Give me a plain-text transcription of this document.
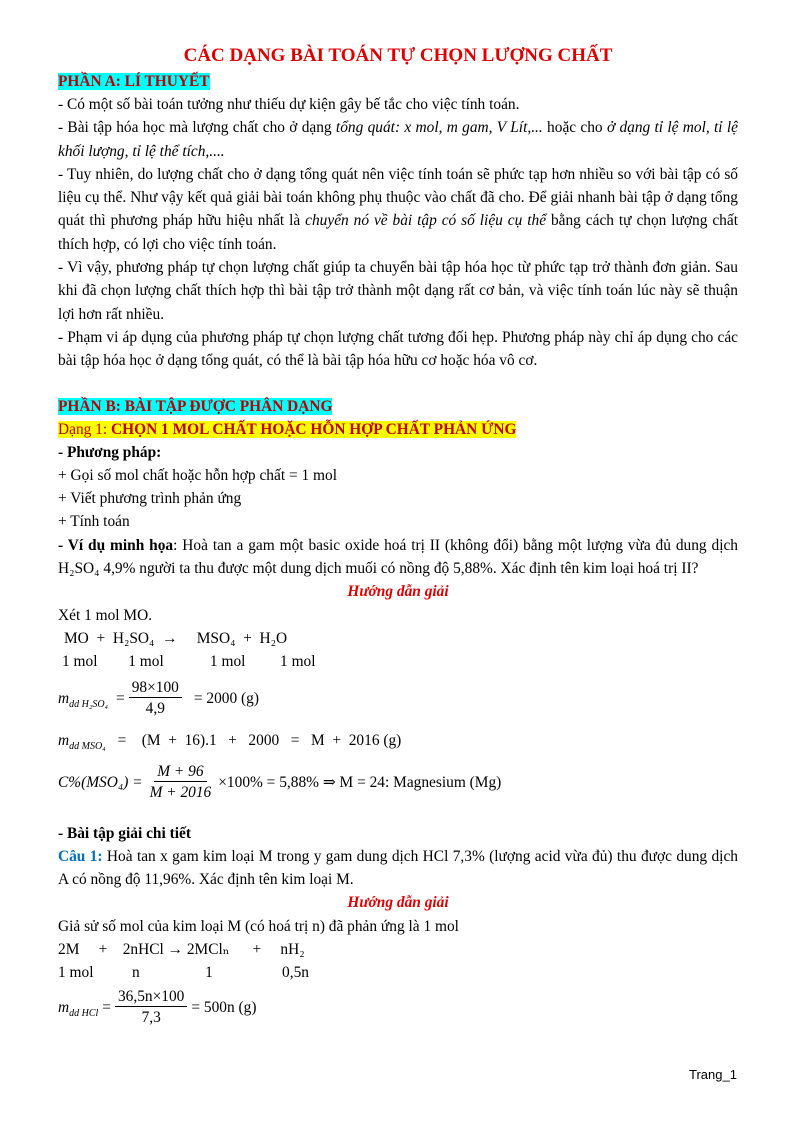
CÁC DẠNG BÀI TOÁN TỰ CHỌN LƯỢNG CHẤT

PHẦN A: LÍ THUYẾT

- Có một số bài toán tưởng như thiếu dự kiện gây bế tắc cho việc tính toán.

- Bài tập hóa học mà lượng chất cho ở dạng tổng quát: x mol, m gam, V Lít,... hoặc cho ở dạng tỉ lệ mol, tỉ lệ khối lượng, tỉ lệ thể tích,....

- Tuy nhiên, do lượng chất cho ở dạng tổng quát nên việc tính toán sẽ phức tạp hơn nhiều so với bài tập có số liệu cụ thể. Như vậy kết quả giải bài toán không phụ thuộc vào chất đã cho. Để giải nhanh bài tập ở dạng tổng quát thì phương pháp hữu hiệu nhất là chuyển nó về bài tập có số liệu cụ thể bằng cách tự chọn lượng chất thích hợp, có lợi cho việc tính toán.

- Vì vậy, phương pháp tự chọn lượng chất giúp ta chuyển bài tập hóa học từ phức tạp trở thành đơn giản. Sau khi đã chọn lượng chất thích hợp thì bài tập trở thành một dạng rất cơ bản, và việc tính toán lúc này sẽ thuận lợi hơn rất nhiều.

- Phạm vi áp dụng của phương pháp tự chọn lượng chất tương đối hẹp. Phương pháp này chỉ áp dụng cho các bài tập hóa học ở dạng tổng quát, có thể là bài tập hóa hữu cơ hoặc hóa vô cơ.

PHẦN B: BÀI TẬP ĐƯỢC PHÂN DẠNG

Dạng 1: CHỌN 1 MOL CHẤT HOẶC HỖN HỢP CHẤT PHẢN ỨNG

- Phương pháp:

+ Gọi số mol chất hoặc hỗn hợp chất = 1 mol

+ Viết phương trình phản ứng

+ Tính toán

- Ví dụ minh họa: Hoà tan a gam một basic oxide hoá trị II (không đổi) bằng một lượng vừa đủ dung dịch H₂SO₄ 4,9% người ta thu được một dung dịch muối có nồng độ 5,88%. Xác định tên kim loại hoá trị II?

Hướng dẫn giải

Xét 1 mol MO.

MO  +  H₂SO₄  →     MSO₄  +  H₂O

1 mol        1 mol            1 mol         1 mol

m dd $H_2SO_4 = \frac{98\times 100}{4,9} = 2000$ (g)
m dd MSO₄ =    (M  +  16).1   +   2000   =   M  +  2016 (g)
$C\%(MSO_4) = \frac{M + 96}{M + 2016} \times 100\% = 5,88\%$ ⇒ M = 24 : Magnesium (Mg)

- Bài tập giải chi tiết

Câu 1: Hoà tan x gam kim loại M trong y gam dung dịch HCl 7,3% (lượng acid vừa đủ) thu được dung dịch A có nồng độ 11,96%. Xác định tên kim loại M.

Hướng dẫn giải

Giả sử số mol của kim loại M (có hoá trị n) đã phản ứng là 1 mol

2M     +    2nHCl → 2MClₙ      +     nH₂

1 mol          n                 1                  0,5n

m dd HCl = $\frac{36,5n\times 100}{7,3} = 500n$ (g)
Trang_1
